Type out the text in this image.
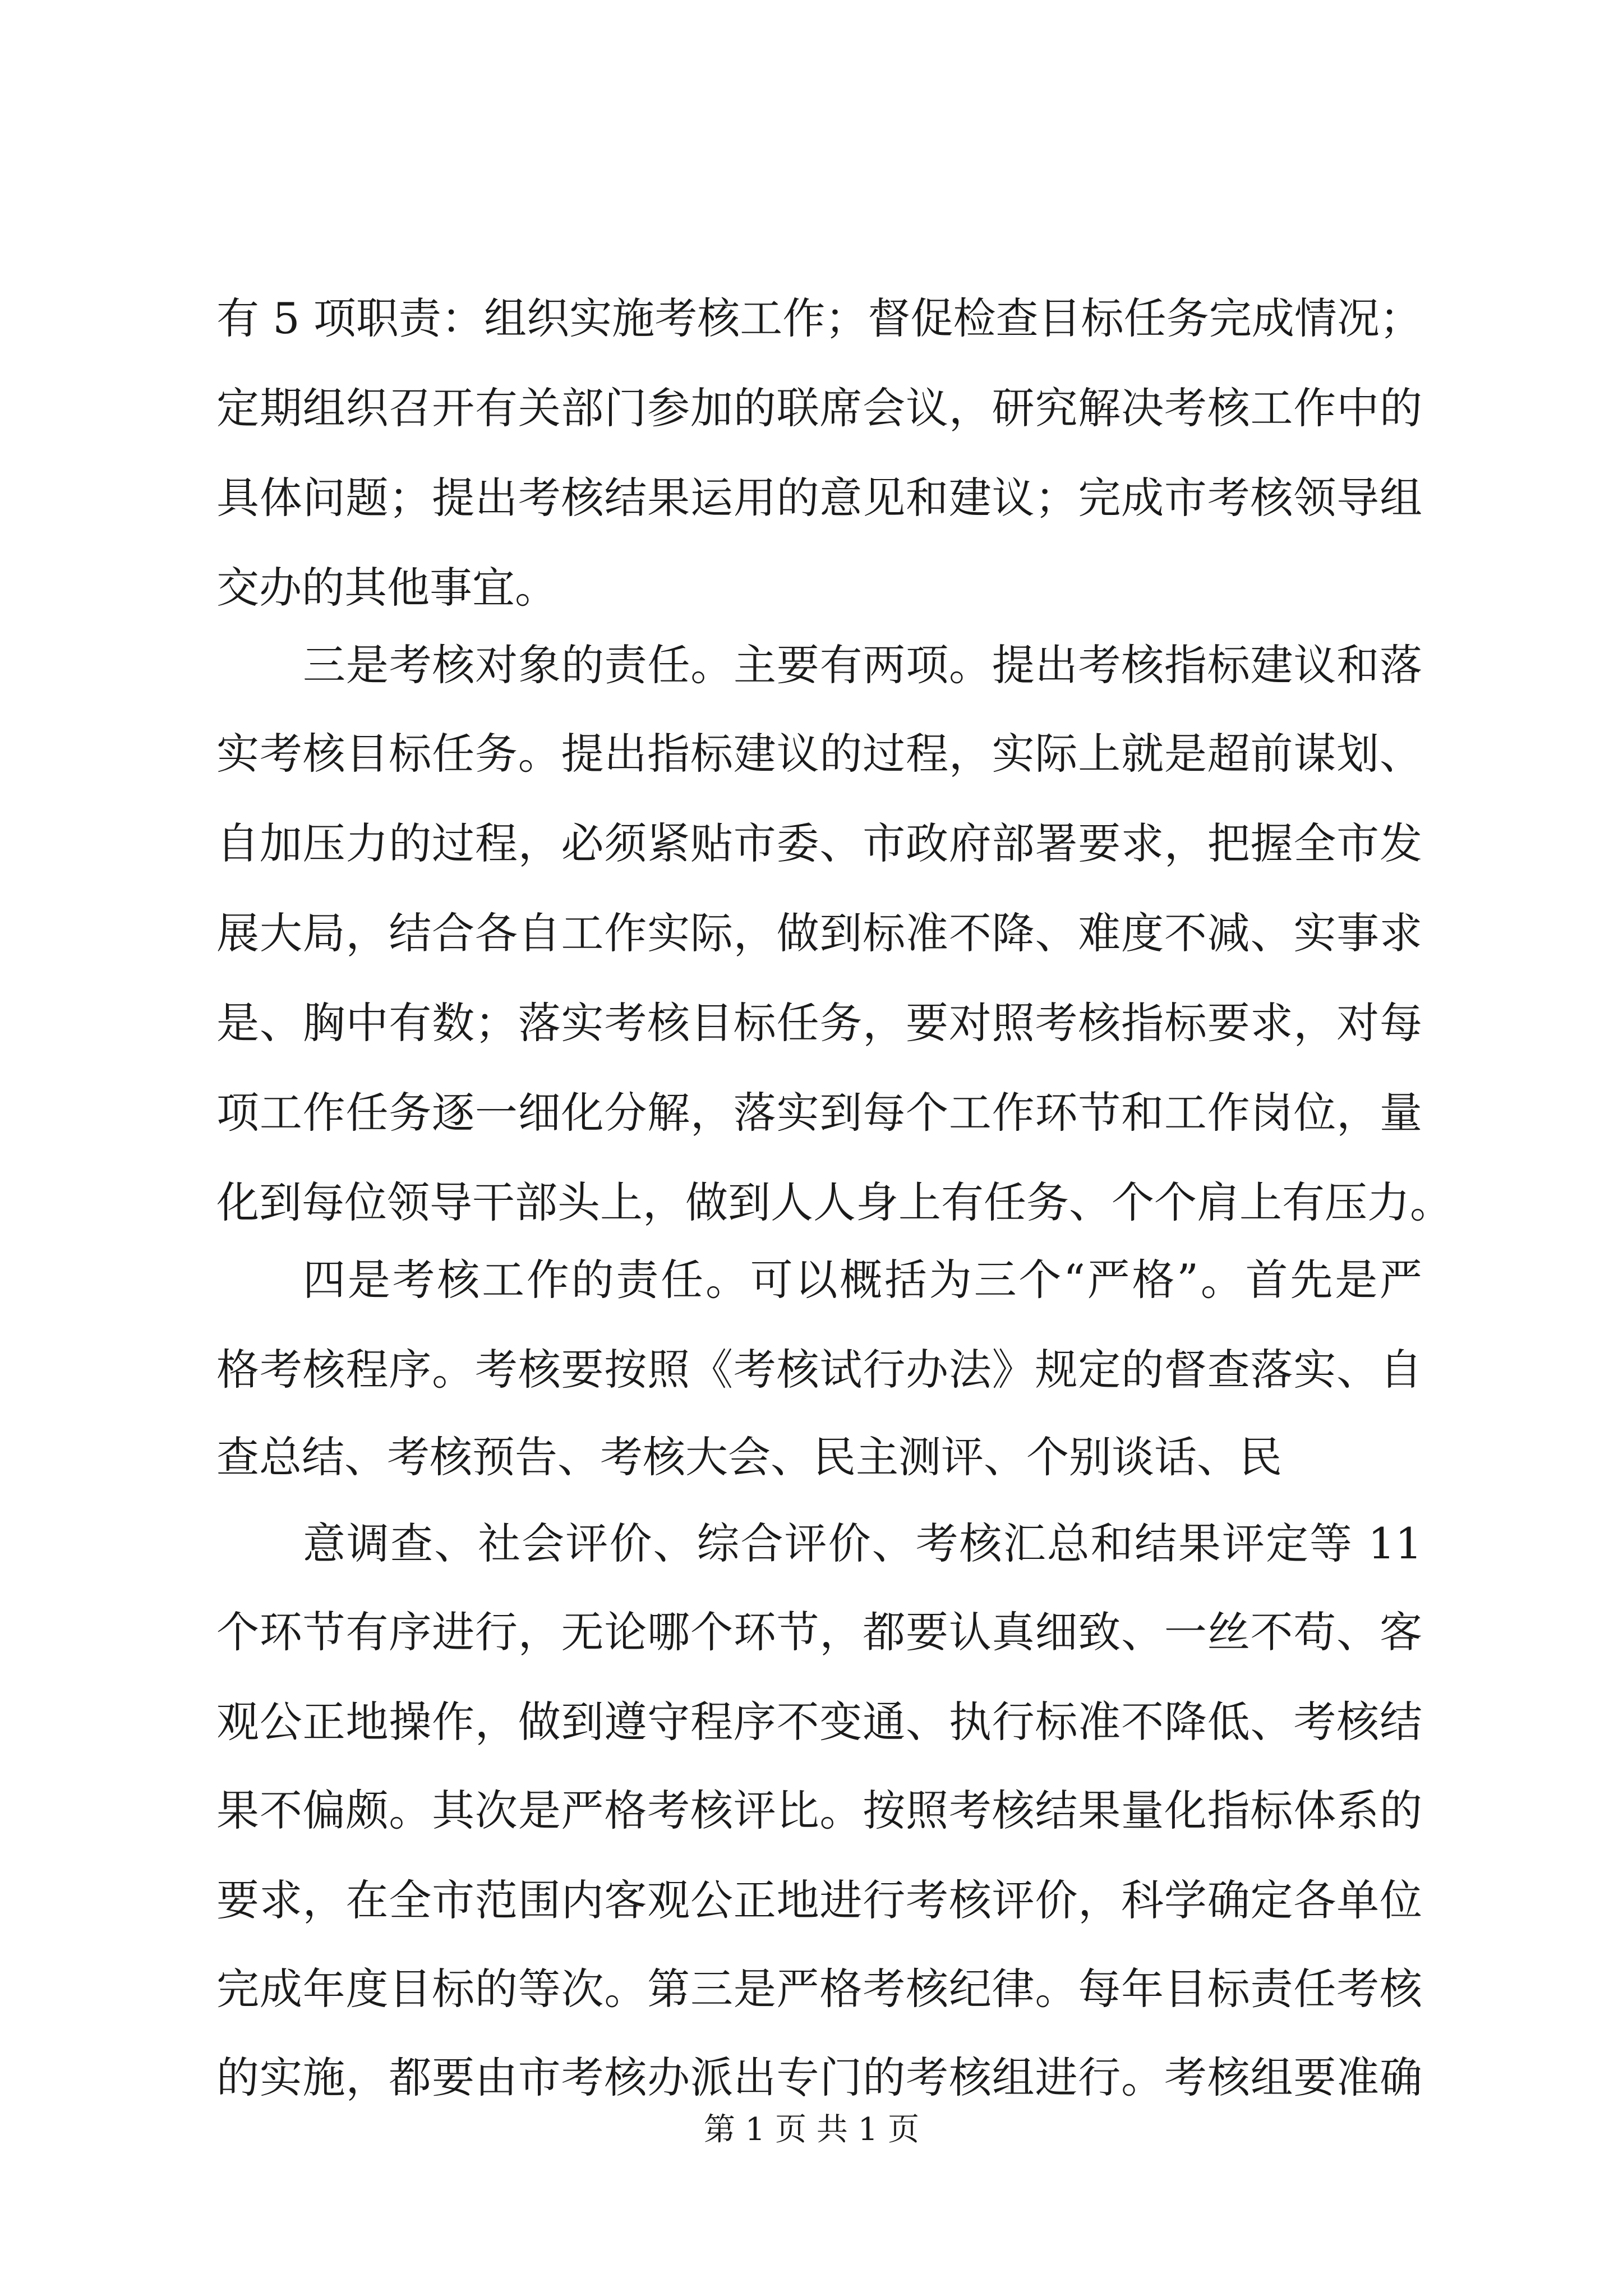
有 5 项职责：组织实施考核工作；督促检查目标任务完成情况；
定期组织召开有关部门参加的联席会议，研究解决考核工作中的
具体问题；提出考核结果运用的意见和建议；完成市考核领导组
交办的其他事宜。
三是考核对象的责任。主要有两项。提出考核指标建议和落
实考核目标任务。提出指标建议的过程，实际上就是超前谋划、
自加压力的过程，必须紧贴市委、市政府部署要求，把握全市发
展大局，结合各自工作实际，做到标准不降、难度不减、实事求
是、胸中有数；落实考核目标任务，要对照考核指标要求，对每
项工作任务逐一细化分解，落实到每个工作环节和工作岗位，量
化到每位领导干部头上，做到人人身上有任务、个个肩上有压力。
四是考核工作的责任。可以概括为三个“严格”。首先是严
格考核程序。考核要按照《考核试行办法》规定的督查落实、自
查总结、考核预告、考核大会、民主测评、个别谈话、民
意调查、社会评价、综合评价、考核汇总和结果评定等 11
个环节有序进行，无论哪个环节，都要认真细致、一丝不苟、客
观公正地操作，做到遵守程序不变通、执行标准不降低、考核结
果不偏颇。其次是严格考核评比。按照考核结果量化指标体系的
要求，在全市范围内客观公正地进行考核评价，科学确定各单位
完成年度目标的等次。第三是严格考核纪律。每年目标责任考核
的实施，都要由市考核办派出专门的考核组进行。考核组要准确
第 1 页 共 1 页
